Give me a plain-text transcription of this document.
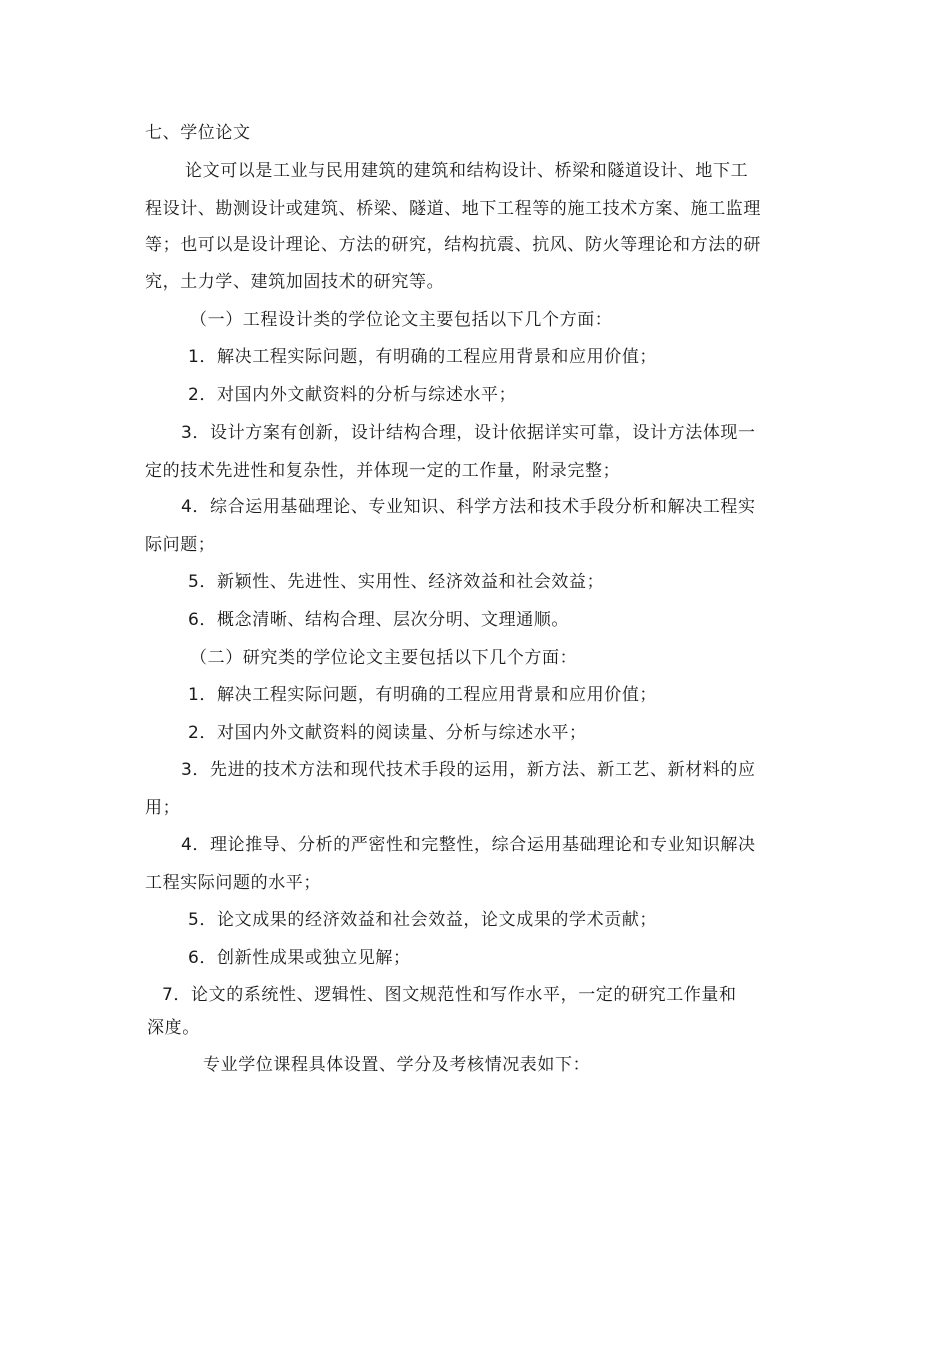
七、学位论文
论文可以是工业与民用建筑的建筑和结构设计、桥梁和隧道设计、地下工
程设计、勘测设计或建筑、桥梁、隧道、地下工程等的施工技术方案、施工监理
等；也可以是设计理论、方法的研究，结构抗震、抗风、防火等理论和方法的研
究，土力学、建筑加固技术的研究等。
（一）工程设计类的学位论文主要包括以下几个方面：
1．解决工程实际问题，有明确的工程应用背景和应用价值；
2．对国内外文献资料的分析与综述水平；
3．设计方案有创新，设计结构合理，设计依据详实可靠，设计方法体现一
定的技术先进性和复杂性，并体现一定的工作量，附录完整；
4．综合运用基础理论、专业知识、科学方法和技术手段分析和解决工程实
际问题；
5．新颖性、先进性、实用性、经济效益和社会效益；
6．概念清晰、结构合理、层次分明、文理通顺。
（二）研究类的学位论文主要包括以下几个方面：
1．解决工程实际问题，有明确的工程应用背景和应用价值；
2．对国内外文献资料的阅读量、分析与综述水平；
3．先进的技术方法和现代技术手段的运用，新方法、新工艺、新材料的应
用；
4．理论推导、分析的严密性和完整性，综合运用基础理论和专业知识解决
工程实际问题的水平；
5．论文成果的经济效益和社会效益，论文成果的学术贡献；
6．创新性成果或独立见解；
7．论文的系统性、逻辑性、图文规范性和写作水平，一定的研究工作量和
深度。
专业学位课程具体设置、学分及考核情况表如下：
